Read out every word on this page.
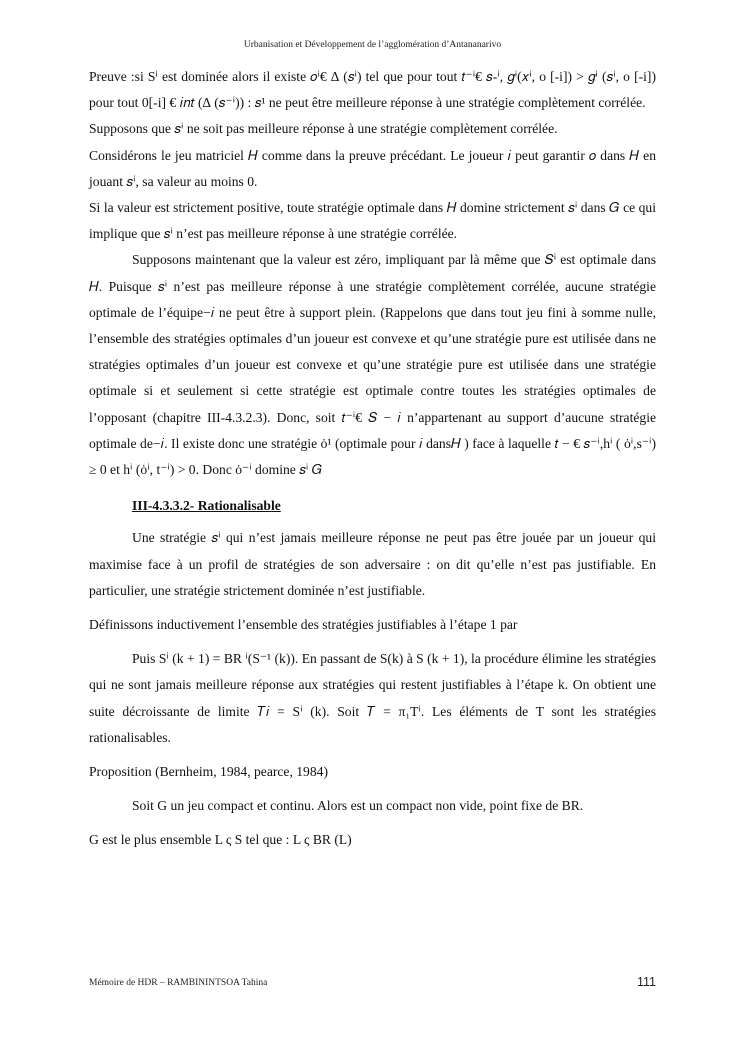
Urbanisation et Développement de l’agglomération d’Antananarivo

Preuve :si Sⁱ est dominée alors il existe 𝑜ⁱ€ ∆ (𝑠ⁱ) tel que pour tout 𝑡⁻ⁱ€ 𝑠-ⁱ, 𝑔ⁱ(𝑥ⁱ, o [-i]) > 𝑔ⁱ (𝑠ⁱ, o [-i]) pour tout 0[-i] € 𝑖𝑛𝑡 (∆ (𝑠⁻ⁱ)) : 𝑠¹ ne peut être meilleure réponse à une stratégie complètement corrélée.

Supposons que 𝑠ⁱ ne soit pas meilleure réponse à une stratégie complètement corrélée.

Considérons le jeu matriciel 𝐻 comme dans la preuve précédant. Le joueur 𝑖 peut garantir 𝑜 dans 𝐻 en jouant 𝑠ⁱ, sa valeur au moins 0.

Si la valeur est strictement positive, toute stratégie optimale dans 𝐻 domine strictement 𝑠ⁱ dans 𝐺 ce qui implique que 𝑠ⁱ n’est pas meilleure réponse à une stratégie corrélée.

Supposons maintenant que la valeur est zéro, impliquant par là même que 𝑆ⁱ est optimale dans 𝐻. Puisque 𝑠ⁱ n’est pas meilleure réponse à une stratégie complètement corrélée, aucune stratégie optimale de l’équipe−𝑖 ne peut être à support plein. (Rappelons que dans tout jeu fini à somme nulle, l’ensemble des stratégies optimales d’un joueur est convexe et qu’une stratégie pure est utilisée dans ne stratégies optimales d’un joueur est convexe et qu’une stratégie pure est utilisée dans une stratégie optimale si et seulement si cette stratégie est optimale contre toutes les stratégies optimales de l’opposant (chapitre III-4.3.2.3). Donc, soit 𝑡⁻ⁱ€ 𝑆 − 𝑖 n’appartenant au support d’aucune stratégie optimale de−𝑖. Il existe donc une stratégie ȯ¹ (optimale pour 𝑖 dans𝐻 ) face à laquelle 𝑡 − € 𝑠⁻ⁱ,hⁱ ( ȯⁱ,s⁻ⁱ) ≥ 0 et hⁱ (ȯⁱ, t⁻ⁱ) > 0. Donc ȯ⁻ⁱ domine 𝑠ⁱ 𝐺

III-4.3.3.2- Rationalisable

Une stratégie 𝑠ⁱ qui n’est jamais meilleure réponse ne peut pas être jouée par un joueur qui maximise face à un profil de stratégies de son adversaire : on dit qu’elle n’est pas justifiable. En particulier, une stratégie strictement dominée n’est justifiable.

Définissons inductivement l’ensemble des stratégies justifiables à l’étape 1 par

Puis Sⁱ (k + 1) = BR ⁱ(S⁻¹ (k)). En passant de S(k) à S (k + 1), la procédure élimine les stratégies qui ne sont jamais meilleure réponse aux stratégies qui restent justifiables à l’étape k. On obtient une suite décroissante de limite 𝑇𝑖 = Sⁱ (k). Soit 𝑇 = π₁Tⁱ. Les éléments de T sont les stratégies rationalisables.

Proposition (Bernheim, 1984, pearce, 1984)

Soit G un jeu compact et continu. Alors est un compact non vide, point fixe de BR.

G est le plus ensemble L ς S tel que : L ς BR (L)

Mémoire de HDR – RAMBININTSOA Tahina	111
